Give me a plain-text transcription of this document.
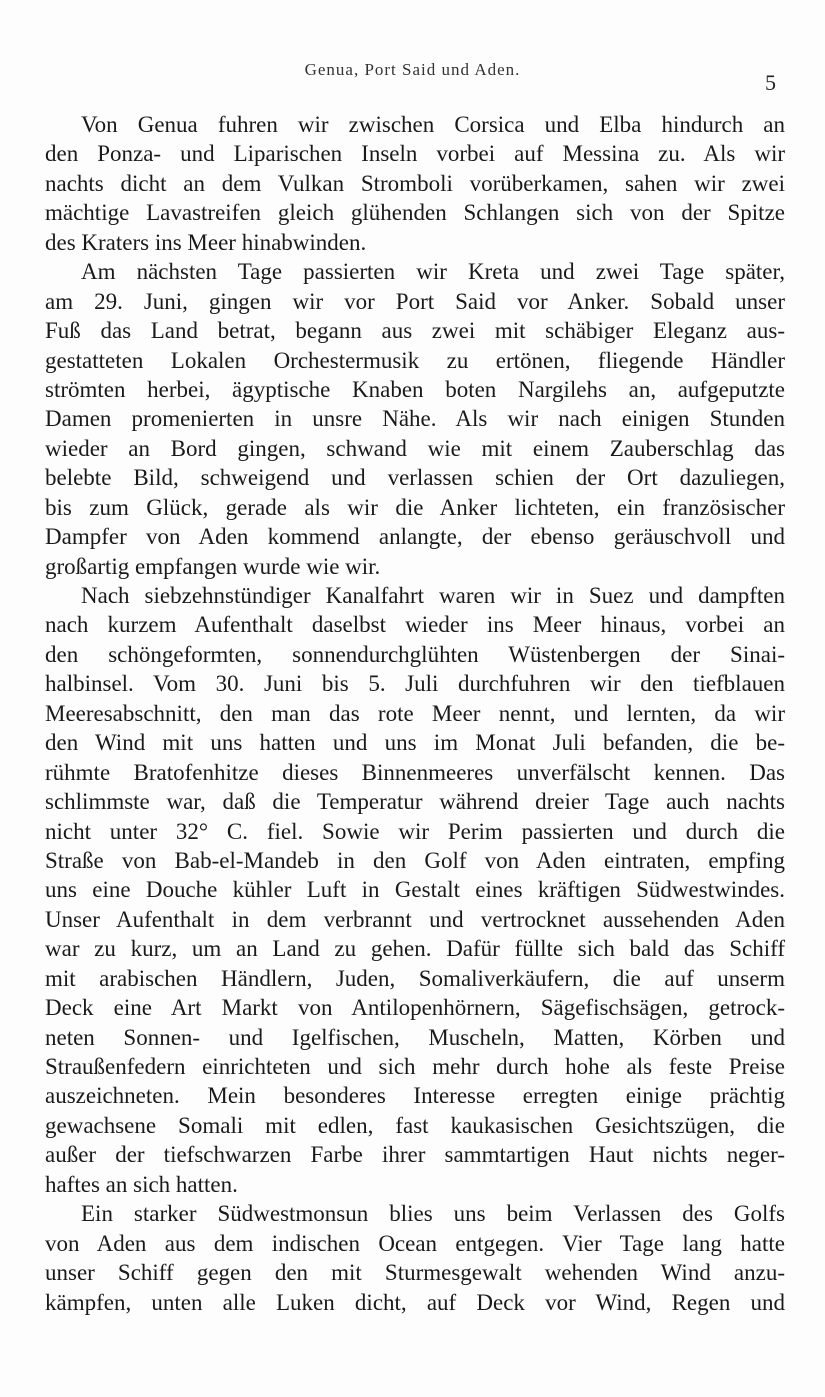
Genua, Port Said und Aden.
5
Von Genua fuhren wir zwischen Corsica und Elba hindurch an
den Ponza- und Liparischen Inseln vorbei auf Messina zu. Als wir
nachts dicht an dem Vulkan Stromboli vorüberkamen, sahen wir zwei
mächtige Lavastreifen gleich glühenden Schlangen sich von der Spitze
des Kraters ins Meer hinabwinden.
Am nächsten Tage passierten wir Kreta und zwei Tage später,
am 29. Juni, gingen wir vor Port Said vor Anker. Sobald unser
Fuß das Land betrat, begann aus zwei mit schäbiger Eleganz aus-
gestatteten Lokalen Orchestermusik zu ertönen, fliegende Händler
strömten herbei, ägyptische Knaben boten Nargilehs an, aufgeputzte
Damen promenierten in unsre Nähe. Als wir nach einigen Stunden
wieder an Bord gingen, schwand wie mit einem Zauberschlag das
belebte Bild, schweigend und verlassen schien der Ort dazuliegen,
bis zum Glück, gerade als wir die Anker lichteten, ein französischer
Dampfer von Aden kommend anlangte, der ebenso geräuschvoll und
großartig empfangen wurde wie wir.
Nach siebzehnstündiger Kanalfahrt waren wir in Suez und dampften
nach kurzem Aufenthalt daselbst wieder ins Meer hinaus, vorbei an
den schöngeformten, sonnendurchglühten Wüstenbergen der Sinai-
halbinsel. Vom 30. Juni bis 5. Juli durchfuhren wir den tiefblauen
Meeresabschnitt, den man das rote Meer nennt, und lernten, da wir
den Wind mit uns hatten und uns im Monat Juli befanden, die be-
rühmte Bratofenhitze dieses Binnenmeeres unverfälscht kennen. Das
schlimmste war, daß die Temperatur während dreier Tage auch nachts
nicht unter 32° C. fiel. Sowie wir Perim passierten und durch die
Straße von Bab-el-Mandeb in den Golf von Aden eintraten, empfing
uns eine Douche kühler Luft in Gestalt eines kräftigen Südwestwindes.
Unser Aufenthalt in dem verbrannt und vertrocknet aussehenden Aden
war zu kurz, um an Land zu gehen. Dafür füllte sich bald das Schiff
mit arabischen Händlern, Juden, Somaliverkäufern, die auf unserm
Deck eine Art Markt von Antilopenhörnern, Sägefischsägen, getrock-
neten Sonnen- und Igelfischen, Muscheln, Matten, Körben und
Straußenfedern einrichteten und sich mehr durch hohe als feste Preise
auszeichneten. Mein besonderes Interesse erregten einige prächtig
gewachsene Somali mit edlen, fast kaukasischen Gesichtszügen, die
außer der tiefschwarzen Farbe ihrer sammtartigen Haut nichts neger-
haftes an sich hatten.
Ein starker Südwestmonsun blies uns beim Verlassen des Golfs
von Aden aus dem indischen Ocean entgegen. Vier Tage lang hatte
unser Schiff gegen den mit Sturmesgewalt wehenden Wind anzu-
kämpfen, unten alle Luken dicht, auf Deck vor Wind, Regen und
